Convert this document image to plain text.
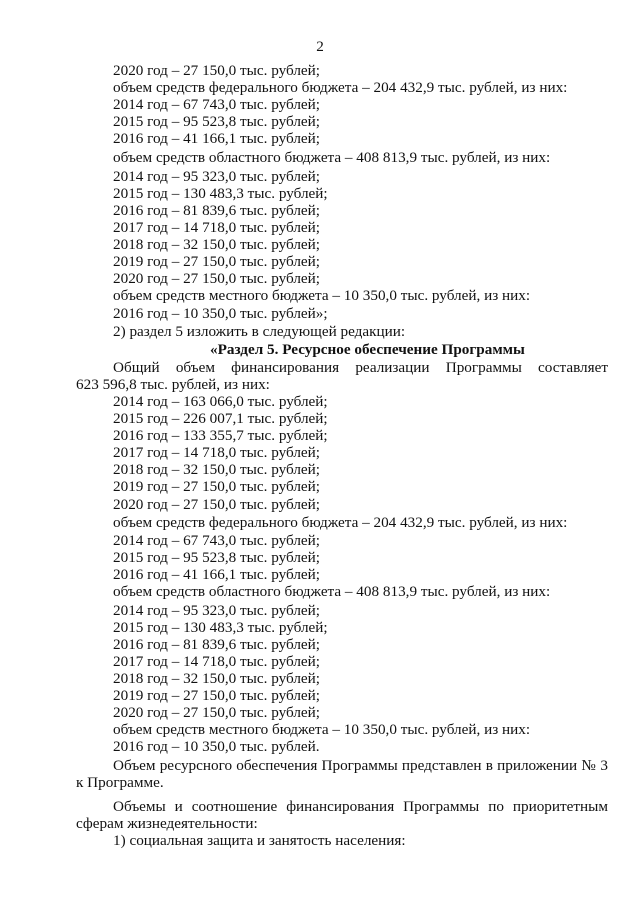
2
2020 год – 27 150,0 тыс. рублей;
объем средств федерального бюджета – 204 432,9 тыс. рублей, из них:
2014 год – 67 743,0 тыс. рублей;
2015 год – 95 523,8 тыс. рублей;
2016 год – 41 166,1 тыс. рублей;
объем средств областного бюджета – 408 813,9 тыс. рублей, из них:
2014 год – 95 323,0 тыс. рублей;
2015 год – 130 483,3 тыс. рублей;
2016 год – 81 839,6 тыс. рублей;
2017 год – 14 718,0 тыс. рублей;
2018 год – 32 150,0 тыс. рублей;
2019 год – 27 150,0 тыс. рублей;
2020 год – 27 150,0 тыс. рублей;
объем средств местного бюджета – 10 350,0 тыс. рублей, из них:
2016 год – 10 350,0 тыс. рублей»;
2) раздел 5 изложить в следующей редакции:
«Раздел 5. Ресурсное обеспечение Программы
Общий объем финансирования реализации Программы составляет
623 596,8 тыс. рублей, из них:
2014 год – 163 066,0 тыс. рублей;
2015 год – 226 007,1 тыс. рублей;
2016 год – 133 355,7 тыс. рублей;
2017 год – 14 718,0 тыс. рублей;
2018 год – 32 150,0 тыс. рублей;
2019 год – 27 150,0 тыс. рублей;
2020 год – 27 150,0 тыс. рублей;
объем средств федерального бюджета – 204 432,9 тыс. рублей, из них:
2014 год – 67 743,0 тыс. рублей;
2015 год – 95 523,8 тыс. рублей;
2016 год – 41 166,1 тыс. рублей;
объем средств областного бюджета – 408 813,9 тыс. рублей, из них:
2014 год – 95 323,0 тыс. рублей;
2015 год – 130 483,3 тыс. рублей;
2016 год – 81 839,6 тыс. рублей;
2017 год – 14 718,0 тыс. рублей;
2018 год – 32 150,0 тыс. рублей;
2019 год – 27 150,0 тыс. рублей;
2020 год – 27 150,0 тыс. рублей;
объем средств местного бюджета – 10 350,0 тыс. рублей, из них:
2016 год – 10 350,0 тыс. рублей.
Объем ресурсного обеспечения Программы представлен в приложении № 3
к Программе.
Объемы и соотношение финансирования Программы по приоритетным
сферам жизнедеятельности:
1) социальная защита и занятость населения:
